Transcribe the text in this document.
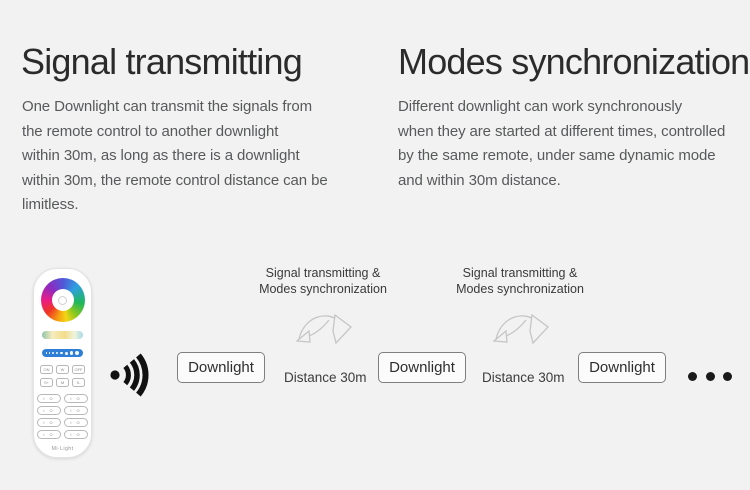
Signal transmitting	Modes synchronization
One Downlight can transmit the signals from
the remote control to another downlight
within 30m, as long as there is a downlight
within 30m, the remote control distance can be
limitless.
Different downlight can work synchronously
when they are started at different times, controlled
by the same remote, under same dynamic mode
and within 30m distance.
ON	W	OFF
S+	M	S-
I O	I O
I O	I O
I O	I O
I O	I O
Mi·Light
Signal transmitting &
Modes synchronization
Downlight
Distance 30m
Signal transmitting &
Modes synchronization
Downlight
Distance 30m
Downlight
